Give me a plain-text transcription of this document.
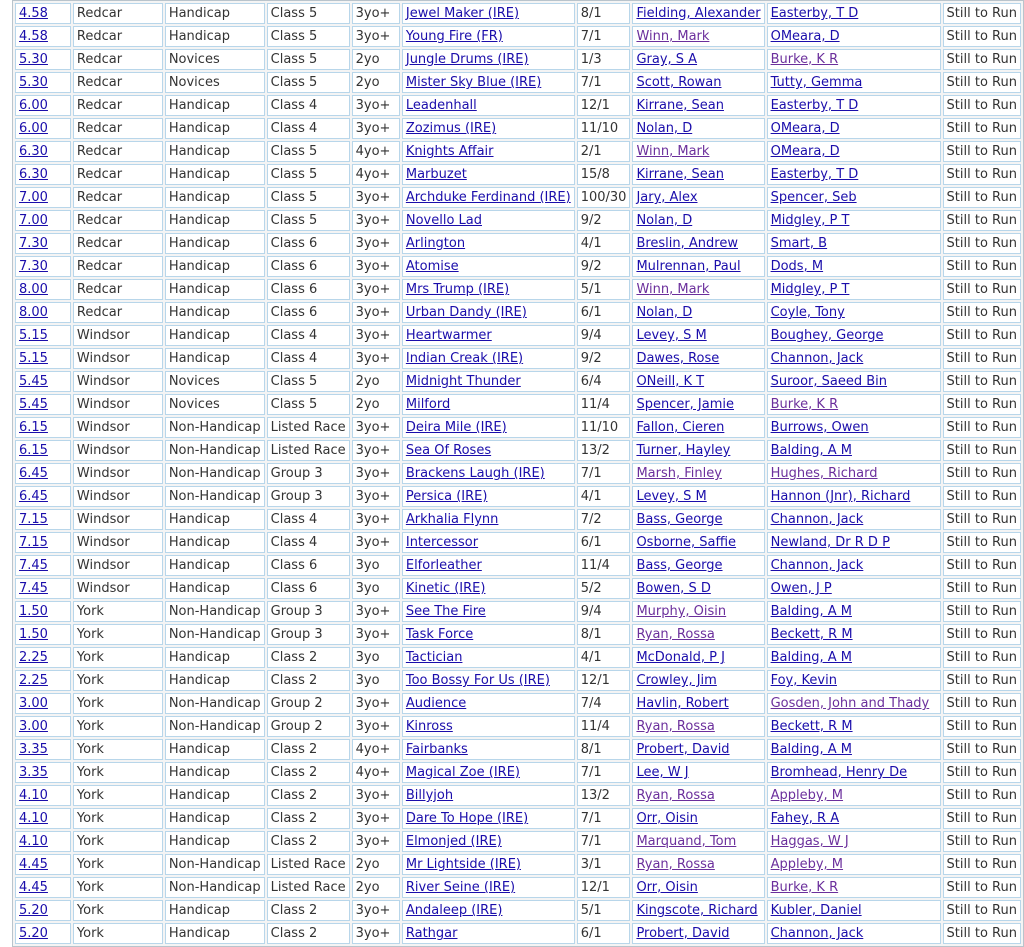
4.58	Redcar	Handicap	Class 5	3yo+	Jewel Maker (IRE)	8/1	Fielding, Alexander	Easterby, T D	Still to Run
4.58	Redcar	Handicap	Class 5	3yo+	Young Fire (FR)	7/1	Winn, Mark	OMeara, D	Still to Run
5.30	Redcar	Novices	Class 5	2yo	Jungle Drums (IRE)	1/3	Gray, S A	Burke, K R	Still to Run
5.30	Redcar	Novices	Class 5	2yo	Mister Sky Blue (IRE)	7/1	Scott, Rowan	Tutty, Gemma	Still to Run
6.00	Redcar	Handicap	Class 4	3yo+	Leadenhall	12/1	Kirrane, Sean	Easterby, T D	Still to Run
6.00	Redcar	Handicap	Class 4	3yo+	Zozimus (IRE)	11/10	Nolan, D	OMeara, D	Still to Run
6.30	Redcar	Handicap	Class 5	4yo+	Knights Affair	2/1	Winn, Mark	OMeara, D	Still to Run
6.30	Redcar	Handicap	Class 5	4yo+	Marbuzet	15/8	Kirrane, Sean	Easterby, T D	Still to Run
7.00	Redcar	Handicap	Class 5	3yo+	Archduke Ferdinand (IRE)	100/30	Jary, Alex	Spencer, Seb	Still to Run
7.00	Redcar	Handicap	Class 5	3yo+	Novello Lad	9/2	Nolan, D	Midgley, P T	Still to Run
7.30	Redcar	Handicap	Class 6	3yo+	Arlington	4/1	Breslin, Andrew	Smart, B	Still to Run
7.30	Redcar	Handicap	Class 6	3yo+	Atomise	9/2	Mulrennan, Paul	Dods, M	Still to Run
8.00	Redcar	Handicap	Class 6	3yo+	Mrs Trump (IRE)	5/1	Winn, Mark	Midgley, P T	Still to Run
8.00	Redcar	Handicap	Class 6	3yo+	Urban Dandy (IRE)	6/1	Nolan, D	Coyle, Tony	Still to Run
5.15	Windsor	Handicap	Class 4	3yo+	Heartwarmer	9/4	Levey, S M	Boughey, George	Still to Run
5.15	Windsor	Handicap	Class 4	3yo+	Indian Creak (IRE)	9/2	Dawes, Rose	Channon, Jack	Still to Run
5.45	Windsor	Novices	Class 5	2yo	Midnight Thunder	6/4	ONeill, K T	Suroor, Saeed Bin	Still to Run
5.45	Windsor	Novices	Class 5	2yo	Milford	11/4	Spencer, Jamie	Burke, K R	Still to Run
6.15	Windsor	Non-Handicap	Listed Race	3yo+	Deira Mile (IRE)	11/10	Fallon, Cieren	Burrows, Owen	Still to Run
6.15	Windsor	Non-Handicap	Listed Race	3yo+	Sea Of Roses	13/2	Turner, Hayley	Balding, A M	Still to Run
6.45	Windsor	Non-Handicap	Group 3	3yo+	Brackens Laugh (IRE)	7/1	Marsh, Finley	Hughes, Richard	Still to Run
6.45	Windsor	Non-Handicap	Group 3	3yo+	Persica (IRE)	4/1	Levey, S M	Hannon (Jnr), Richard	Still to Run
7.15	Windsor	Handicap	Class 4	3yo+	Arkhalia Flynn	7/2	Bass, George	Channon, Jack	Still to Run
7.15	Windsor	Handicap	Class 4	3yo+	Intercessor	6/1	Osborne, Saffie	Newland, Dr R D P	Still to Run
7.45	Windsor	Handicap	Class 6	3yo	Elforleather	11/4	Bass, George	Channon, Jack	Still to Run
7.45	Windsor	Handicap	Class 6	3yo	Kinetic (IRE)	5/2	Bowen, S D	Owen, J P	Still to Run
1.50	York	Non-Handicap	Group 3	3yo+	See The Fire	9/4	Murphy, Oisin	Balding, A M	Still to Run
1.50	York	Non-Handicap	Group 3	3yo+	Task Force	8/1	Ryan, Rossa	Beckett, R M	Still to Run
2.25	York	Handicap	Class 2	3yo	Tactician	4/1	McDonald, P J	Balding, A M	Still to Run
2.25	York	Handicap	Class 2	3yo	Too Bossy For Us (IRE)	12/1	Crowley, Jim	Foy, Kevin	Still to Run
3.00	York	Non-Handicap	Group 2	3yo+	Audience	7/4	Havlin, Robert	Gosden, John and Thady	Still to Run
3.00	York	Non-Handicap	Group 2	3yo+	Kinross	11/4	Ryan, Rossa	Beckett, R M	Still to Run
3.35	York	Handicap	Class 2	4yo+	Fairbanks	8/1	Probert, David	Balding, A M	Still to Run
3.35	York	Handicap	Class 2	4yo+	Magical Zoe (IRE)	7/1	Lee, W J	Bromhead, Henry De	Still to Run
4.10	York	Handicap	Class 2	3yo+	Billyjoh	13/2	Ryan, Rossa	Appleby, M	Still to Run
4.10	York	Handicap	Class 2	3yo+	Dare To Hope (IRE)	7/1	Orr, Oisin	Fahey, R A	Still to Run
4.10	York	Handicap	Class 2	3yo+	Elmonjed (IRE)	7/1	Marquand, Tom	Haggas, W J	Still to Run
4.45	York	Non-Handicap	Listed Race	2yo	Mr Lightside (IRE)	3/1	Ryan, Rossa	Appleby, M	Still to Run
4.45	York	Non-Handicap	Listed Race	2yo	River Seine (IRE)	12/1	Orr, Oisin	Burke, K R	Still to Run
5.20	York	Handicap	Class 2	3yo+	Andaleep (IRE)	5/1	Kingscote, Richard	Kubler, Daniel	Still to Run
5.20	York	Handicap	Class 2	3yo+	Rathgar	6/1	Probert, David	Channon, Jack	Still to Run
